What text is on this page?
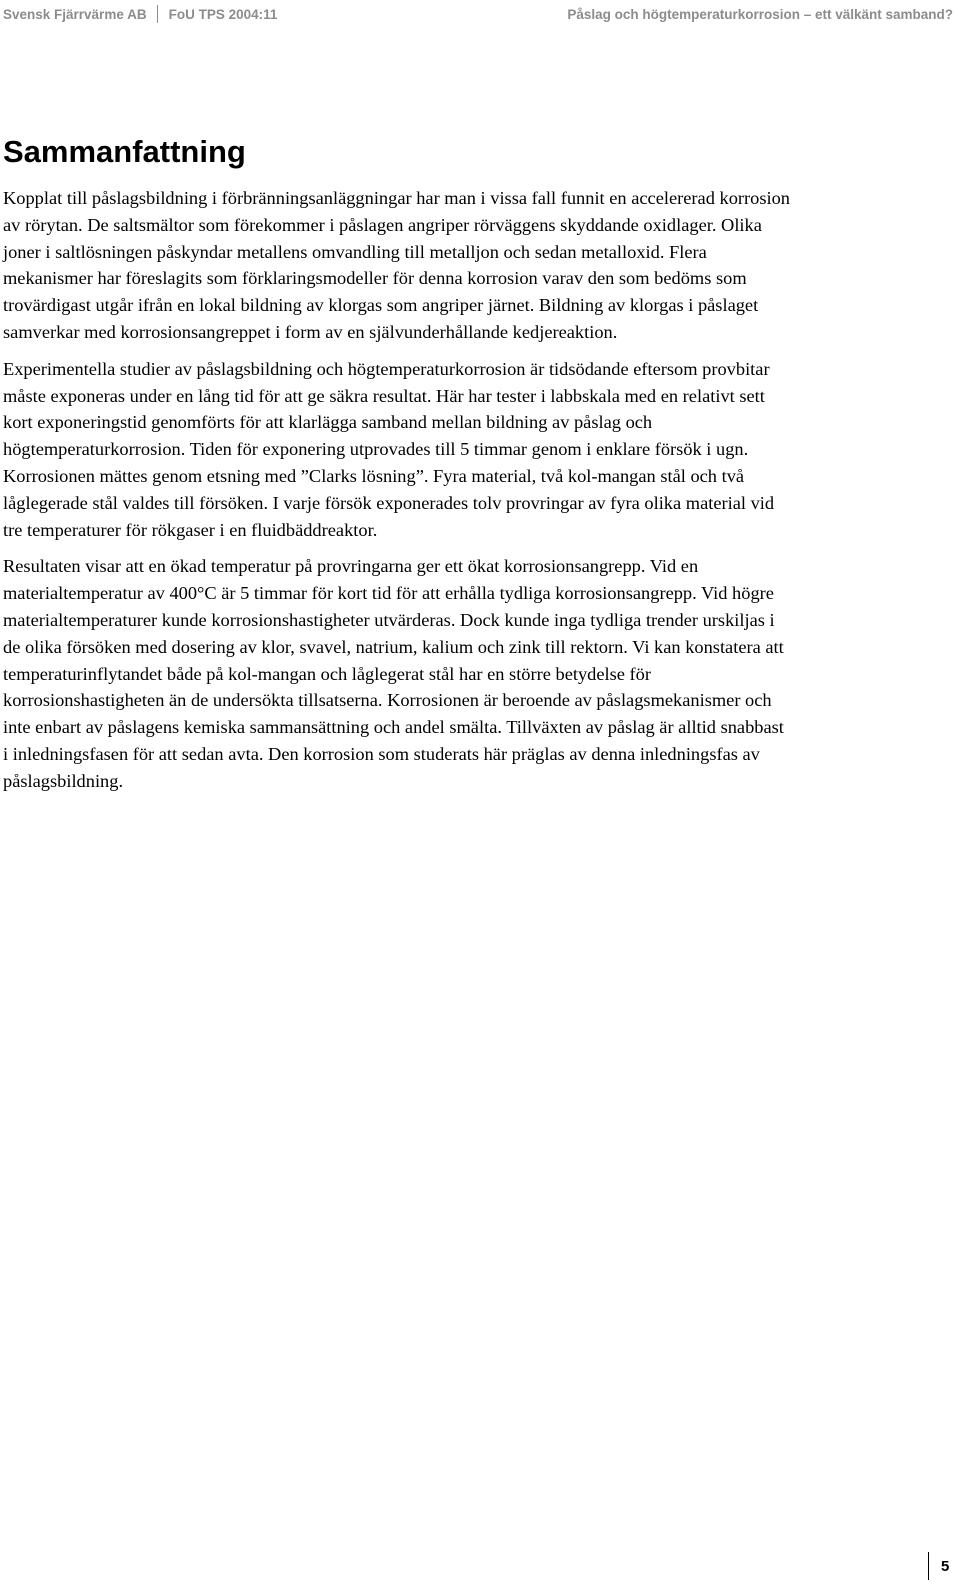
Svensk Fjärrvärme AB FoU TPS 2004:11	Påslag och högtemperaturkorrosion – ett välkänt samband?
Sammanfattning

Kopplat till påslagsbildning i förbränningsanläggningar har man i vissa fall funnit en accelererad korrosion av rörytan. De saltsmältor som förekommer i påslagen angriper rörväggens skyddande oxidlager. Olika joner i saltlösningen påskyndar metallens omvandling till metalljon och sedan metalloxid. Flera mekanismer har föreslagits som förklaringsmodeller för denna korrosion varav den som bedöms som trovärdigast utgår ifrån en lokal bildning av klorgas som angriper järnet. Bildning av klorgas i påslaget samverkar med korrosionsangreppet i form av en självunderhållande kedjereaktion.

Experimentella studier av påslagsbildning och högtemperaturkorrosion är tidsödande eftersom provbitar måste exponeras under en lång tid för att ge säkra resultat. Här har tester i labbskala med en relativt sett kort exponeringstid genomförts för att klarlägga samband mellan bildning av påslag och högtemperaturkorrosion. Tiden för exponering utprovades till 5 timmar genom i enklare försök i ugn. Korrosionen mättes genom etsning med ”Clarks lösning”. Fyra material, två kol-mangan stål och två låglegerade stål valdes till försöken. I varje försök exponerades tolv provringar av fyra olika material vid tre temperaturer för rökgaser i en fluidbäddreaktor.

Resultaten visar att en ökad temperatur på provringarna ger ett ökat korrosionsangrepp. Vid en materialtemperatur av 400°C är 5 timmar för kort tid för att erhålla tydliga korrosionsangrepp. Vid högre materialtemperaturer kunde korrosionshastigheter utvärderas. Dock kunde inga tydliga trender urskiljas i de olika försöken med dosering av klor, svavel, natrium, kalium och zink till rektorn. Vi kan konstatera att temperaturinflytandet både på kol-mangan och låglegerat stål har en större betydelse för korrosionshastigheten än de undersökta tillsatserna. Korrosionen är beroende av påslagsmekanismer och inte enbart av påslagens kemiska sammansättning och andel smälta. Tillväxten av påslag är alltid snabbast i inledningsfasen för att sedan avta. Den korrosion som studerats här präglas av denna inledningsfas av påslagsbildning.

5
